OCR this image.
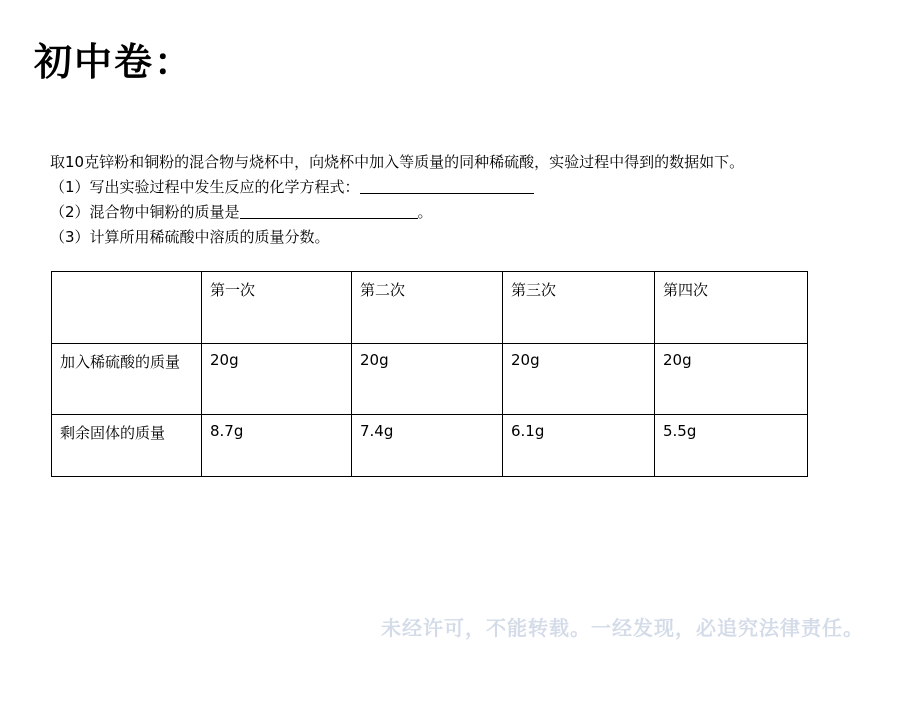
初中卷：
取10克锌粉和铜粉的混合物与烧杯中，向烧杯中加入等质量的同种稀硫酸，实验过程中得到的数据如下。
（1）写出实验过程中发生反应的化学方程式：
（2）混合物中铜粉的质量是	。
（3）计算所用稀硫酸中溶质的质量分数。
	第一次	第二次	第三次	第四次
加入稀硫酸的质量	20g	20g	20g	20g
剩余固体的质量	8.7g	7.4g	6.1g	5.5g
未经许可，不能转载。一经发现，必追究法律责任。
